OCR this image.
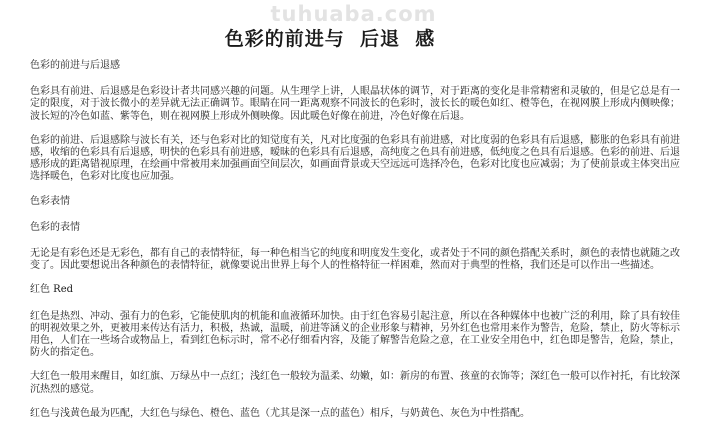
tuhuaba.com
色彩的前进与  后退  感

色彩的前进与后退感

色彩具有前进、后退感是色彩设计者共同感兴趣的问题。从生理学上讲，人眼晶状体的调节，对于距离的变化是非常精密和灵敏的，但是它总是有一定的限度，对于波长微小的差异就无法正确调节。眼睛在同一距离观察不同波长的色彩时，波长长的暖色如红、橙等色，在视网膜上形成内侧映像；波长短的冷色如蓝、紫等色，则在视网膜上形成外侧映像。因此暖色好像在前进，冷色好像在后退。

色彩的前进、后退感除与波长有关，还与色彩对比的知觉度有关，凡对比度强的色彩具有前进感，对比度弱的色彩具有后退感，膨胀的色彩具有前进感，收缩的色彩具有后退感，明快的色彩具有前进感，暧昧的色彩具有后退感，高纯度之色具有前进感，低纯度之色具有后退感。色彩的前进、后退感形成的距离错视原理，在绘画中常被用来加强画面空间层次，如画面背景或天空远远可选择冷色，色彩对比度也应减弱；为了使前景或主体突出应选择暖色，色彩对比度也应加强。

色彩表情

色彩的表情

无论是有彩色还是无彩色，都有自己的表情特征，每一种色相当它的纯度和明度发生变化，或者处于不同的颜色搭配关系时，颜色的表情也就随之改变了。因此要想说出各种颜色的表情特征，就像要说出世界上每个人的性格特征一样困难，然而对于典型的性格，我们还是可以作出一些描述。

红色 Red

红色是热烈、冲动、强有力的色彩，它能使肌肉的机能和血液循环加快。由于红色容易引起注意，所以在各种媒体中也被广泛的利用，除了具有较佳的明视效果之外，更被用来传达有活力，积极，热诚，温暖，前进等涵义的企业形象与精神，另外红色也常用来作为警告，危险，禁止，防火等标示用色，人们在一些场合或物品上，看到红色标示时，常不必仔细看内容，及能了解警告危险之意，在工业安全用色中，红色即是警告，危险，禁止，防火的指定色。

大红色一般用来醒目，如红旗、万绿丛中一点红；浅红色一般较为温柔、幼嫩，如：新房的布置、孩童的衣饰等；深红色一般可以作衬托，有比较深沉热烈的感觉。

红色与浅黄色最为匹配，大红色与绿色、橙色、蓝色（尤其是深一点的蓝色）相斥，与奶黄色、灰色为中性搭配。
